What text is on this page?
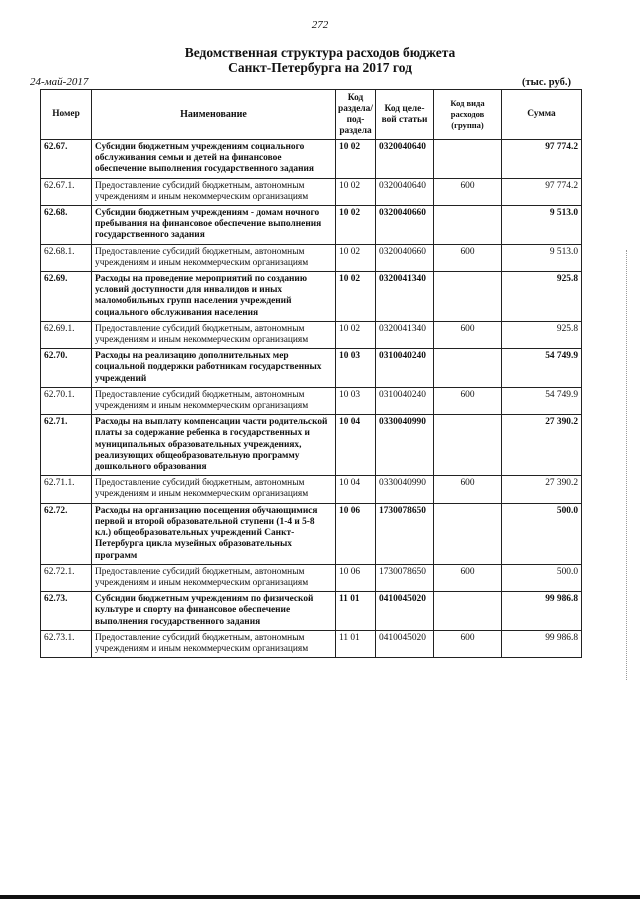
272
Ведомственная структура расходов бюджета
Санкт-Петербурга на 2017 год
24-май-2017	(тыс. руб.)
Номер	Наименование	Код раздела/ под-раздела	Код целе-вой статьи	Код вида расходов (группа)	Сумма
62.67.	Субсидии бюджетным учреждениям социального обслуживания семьи и детей на финансовое обеспечение выполнения государственного задания	10 02	0320040640		97 774.2
62.67.1.	Предоставление субсидий бюджетным, автономным учреждениям и иным некоммерческим организациям	10 02	0320040640	600	97 774.2
62.68.	Субсидии бюджетным учреждениям - домам ночного пребывания на финансовое обеспечение выполнения государственного задания	10 02	0320040660		9 513.0
62.68.1.	Предоставление субсидий бюджетным, автономным учреждениям и иным некоммерческим организациям	10 02	0320040660	600	9 513.0
62.69.	Расходы на проведение мероприятий по созданию условий доступности для инвалидов и иных маломобильных групп населения учреждений социального обслуживания населения	10 02	0320041340		925.8
62.69.1.	Предоставление субсидий бюджетным, автономным учреждениям и иным некоммерческим организациям	10 02	0320041340	600	925.8
62.70.	Расходы на реализацию дополнительных мер социальной поддержки работникам государственных учреждений	10 03	0310040240		54 749.9
62.70.1.	Предоставление субсидий бюджетным, автономным учреждениям и иным некоммерческим организациям	10 03	0310040240	600	54 749.9
62.71.	Расходы на выплату компенсации части родительской платы за содержание ребенка в государственных и муниципальных образовательных учреждениях, реализующих общеобразовательную программу дошкольного образования	10 04	0330040990		27 390.2
62.71.1.	Предоставление субсидий бюджетным, автономным учреждениям и иным некоммерческим организациям	10 04	0330040990	600	27 390.2
62.72.	Расходы на организацию посещения обучающимися первой и второй образовательной ступени (1-4 и 5-8 кл.) общеобразовательных учреждений Санкт-Петербурга цикла музейных образовательных программ	10 06	1730078650		500.0
62.72.1.	Предоставление субсидий бюджетным, автономным учреждениям и иным некоммерческим организациям	10 06	1730078650	600	500.0
62.73.	Субсидии бюджетным учреждениям по физической культуре и спорту на финансовое обеспечение выполнения государственного задания	11 01	0410045020		99 986.8
62.73.1.	Предоставление субсидий бюджетным, автономным учреждениям и иным некоммерческим организациям	11 01	0410045020	600	99 986.8
